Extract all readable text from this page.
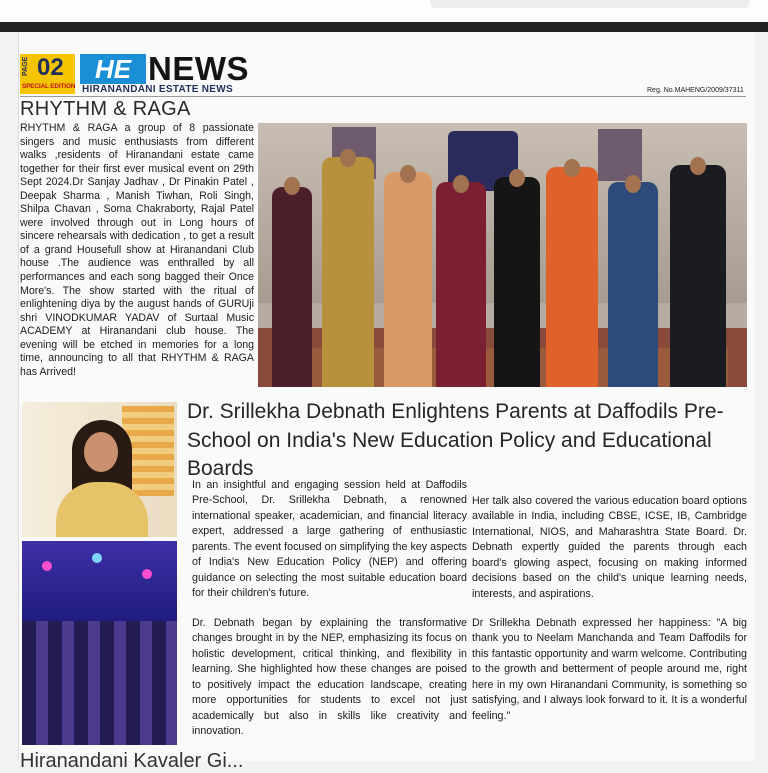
PAGE 02
SPECIAL EDITION
HE NEWS
HIRANANDANI ESTATE NEWS	Reg. No.MAHENG/2009/37311
RHYTHM & RAGA
RHYTHM & RAGA a group of 8 passionate singers and music enthusiasts from different walks ,residents of Hiranandani estate came together for their first ever musical event on 29th Sept 2024.Dr Sanjay Jadhav , Dr Pinakin Patel , Deepak Sharma , Manish Tiwhan, Roli Singh, Shilpa Chavan , Soma Chakraborty, Rajal Patel were involved through out in Long hours of sincere rehearsals with dedication , to get a result of a grand Housefull show at Hiranandani Club house .The audience was enthralled by all performances and each song bagged their Once More's. The show started with the ritual of enlightening diya by the august hands of GURUji shri VINODKUMAR YADAV of Surtaal Music ACADEMY at Hiranandani club house. The evening will be etched in memories for a long time, announcing to all that RHYTHM & RAGA has Arrived!
Dr. Srillekha Debnath Enlightens Parents at Daffodils Pre-School on India's New Education Policy and Educational Boards
In an insightful and engaging session held at Daffodils Pre-School, Dr. Srillekha Debnath, a renowned international speaker, academician, and financial literacy expert, addressed a large gathering of enthusiastic parents. The event focused on simplifying the key aspects of India's New Education Policy (NEP) and offering guidance on selecting the most suitable education board for their children's future.
Dr. Debnath began by explaining the transformative changes brought in by the NEP, emphasizing its focus on holistic development, critical thinking, and flexibility in learning. She highlighted how these changes are poised to positively impact the education landscape, creating more opportunities for students to excel not just academically but also in skills like creativity and innovation.
Her talk also covered the various education board options available in India, including CBSE, ICSE, IB, Cambridge International, NIOS, and Maharashtra State Board. Dr. Debnath expertly guided the parents through each board's glowing aspect, focusing on making informed decisions based on the child's unique learning needs, interests, and aspirations.
Dr Srillekha Debnath expressed her happiness: "A big thank you to Neelam Manchanda and Team Daffodils for this fantastic opportunity and warm welcome. Contributing to the growth and betterment of people around me, right here in my own Hiranandani Community, is something so satisfying, and I always look forward to it. It is a wonderful feeling."
Hiranandani Kavaler Gi...
